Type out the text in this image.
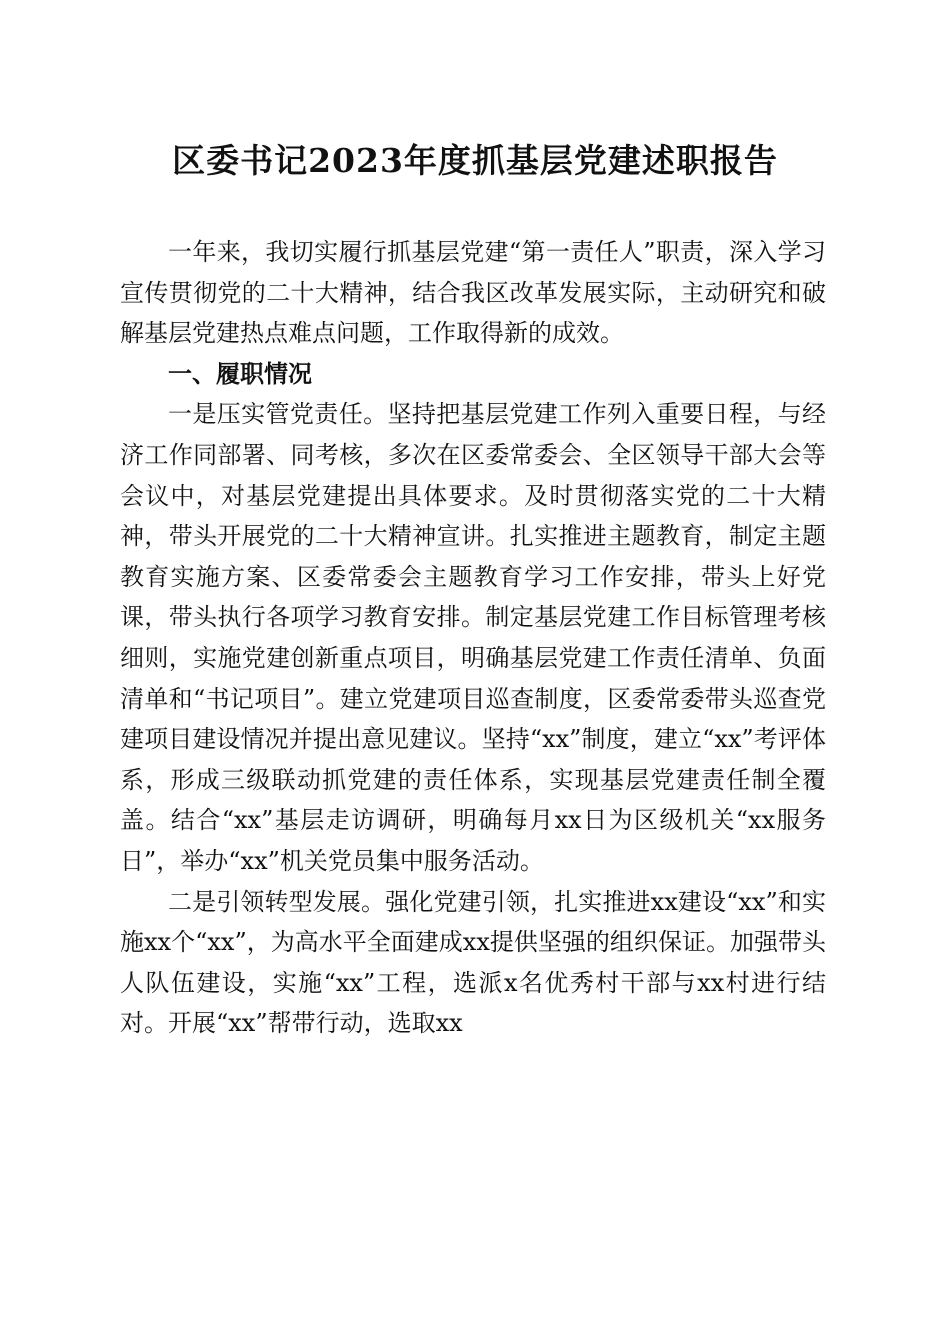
区委书记2023年度抓基层党建述职报告

一年来，我切实履行抓基层党建“第一责任人”职责，深入学习宣传贯彻党的二十大精神，结合我区改革发展实际，主动研究和破解基层党建热点难点问题，工作取得新的成效。

一、履职情况

一是压实管党责任。坚持把基层党建工作列入重要日程，与经济工作同部署、同考核，多次在区委常委会、全区领导干部大会等会议中，对基层党建提出具体要求。及时贯彻落实党的二十大精神，带头开展党的二十大精神宣讲。扎实推进主题教育，制定主题教育实施方案、区委常委会主题教育学习工作安排，带头上好党课，带头执行各项学习教育安排。制定基层党建工作目标管理考核细则，实施党建创新重点项目，明确基层党建工作责任清单、负面清单和“书记项目”。建立党建项目巡查制度，区委常委带头巡查党建项目建设情况并提出意见建议。坚持“xx”制度，建立“xx”考评体系，形成三级联动抓党建的责任体系，实现基层党建责任制全覆盖。结合“xx”基层走访调研，明确每月xx日为区级机关“xx服务日”，举办“xx”机关党员集中服务活动。

二是引领转型发展。强化党建引领，扎实推进xx建设“xx”和实施xx个“xx”，为高水平全面建成xx提供坚强的组织保证。加强带头人队伍建设，实施“xx”工程，选派x名优秀村干部与xx村进行结对。开展“xx”帮带行动，选取xx
